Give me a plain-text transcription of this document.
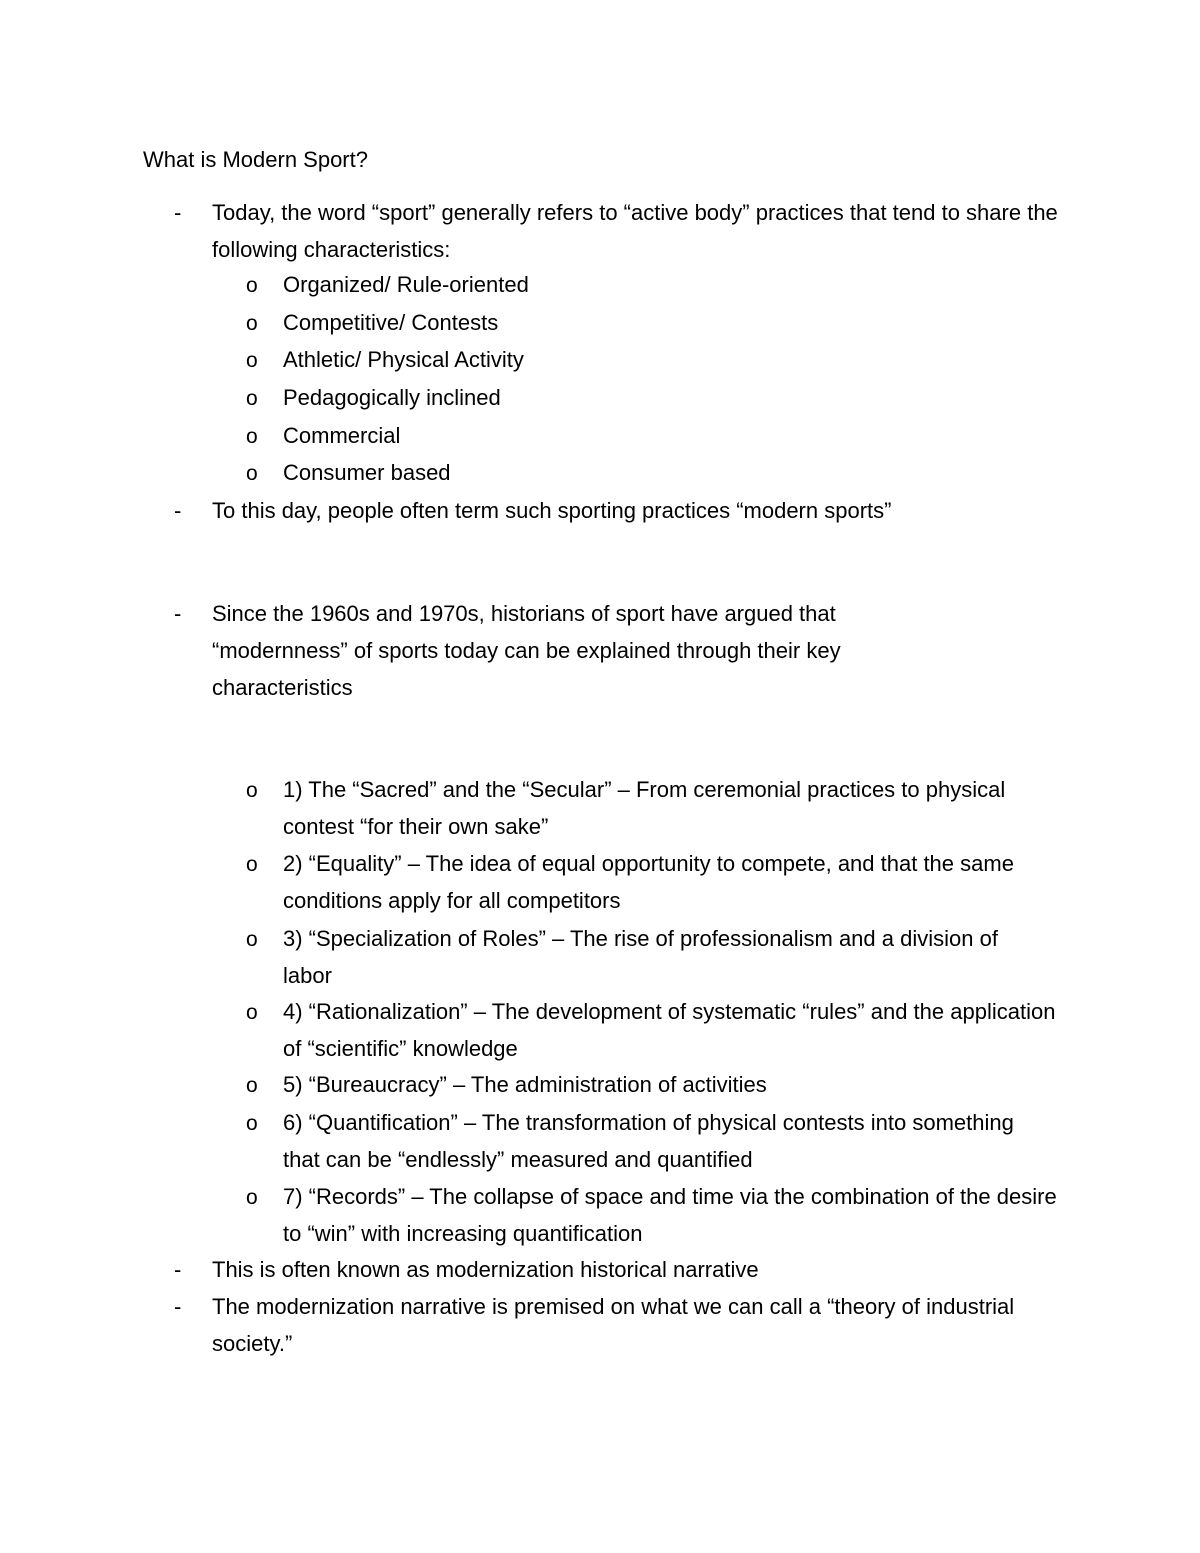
What is Modern Sport?
- Today, the word “sport” generally refers to “active body” practices that tend to share the following characteristics:
o Organized/ Rule-oriented
o Competitive/ Contests
o Athletic/ Physical Activity
o Pedagogically inclined
o Commercial
o Consumer based
- To this day, people often term such sporting practices “modern sports”
- Since the 1960s and 1970s, historians of sport have argued that “modernness” of sports today can be explained through their key characteristics
o 1) The “Sacred” and the “Secular” – From ceremonial practices to physical contest “for their own sake”
o 2) “Equality” – The idea of equal opportunity to compete, and that the same conditions apply for all competitors
o 3) “Specialization of Roles” – The rise of professionalism and a division of labor
o 4) “Rationalization” – The development of systematic “rules” and the application of “scientific” knowledge
o 5) “Bureaucracy” – The administration of activities
o 6) “Quantification” – The transformation of physical contests into something that can be “endlessly” measured and quantified
o 7) “Records” – The collapse of space and time via the combination of the desire to “win” with increasing quantification
- This is often known as modernization historical narrative
- The modernization narrative is premised on what we can call a “theory of industrial society.”
